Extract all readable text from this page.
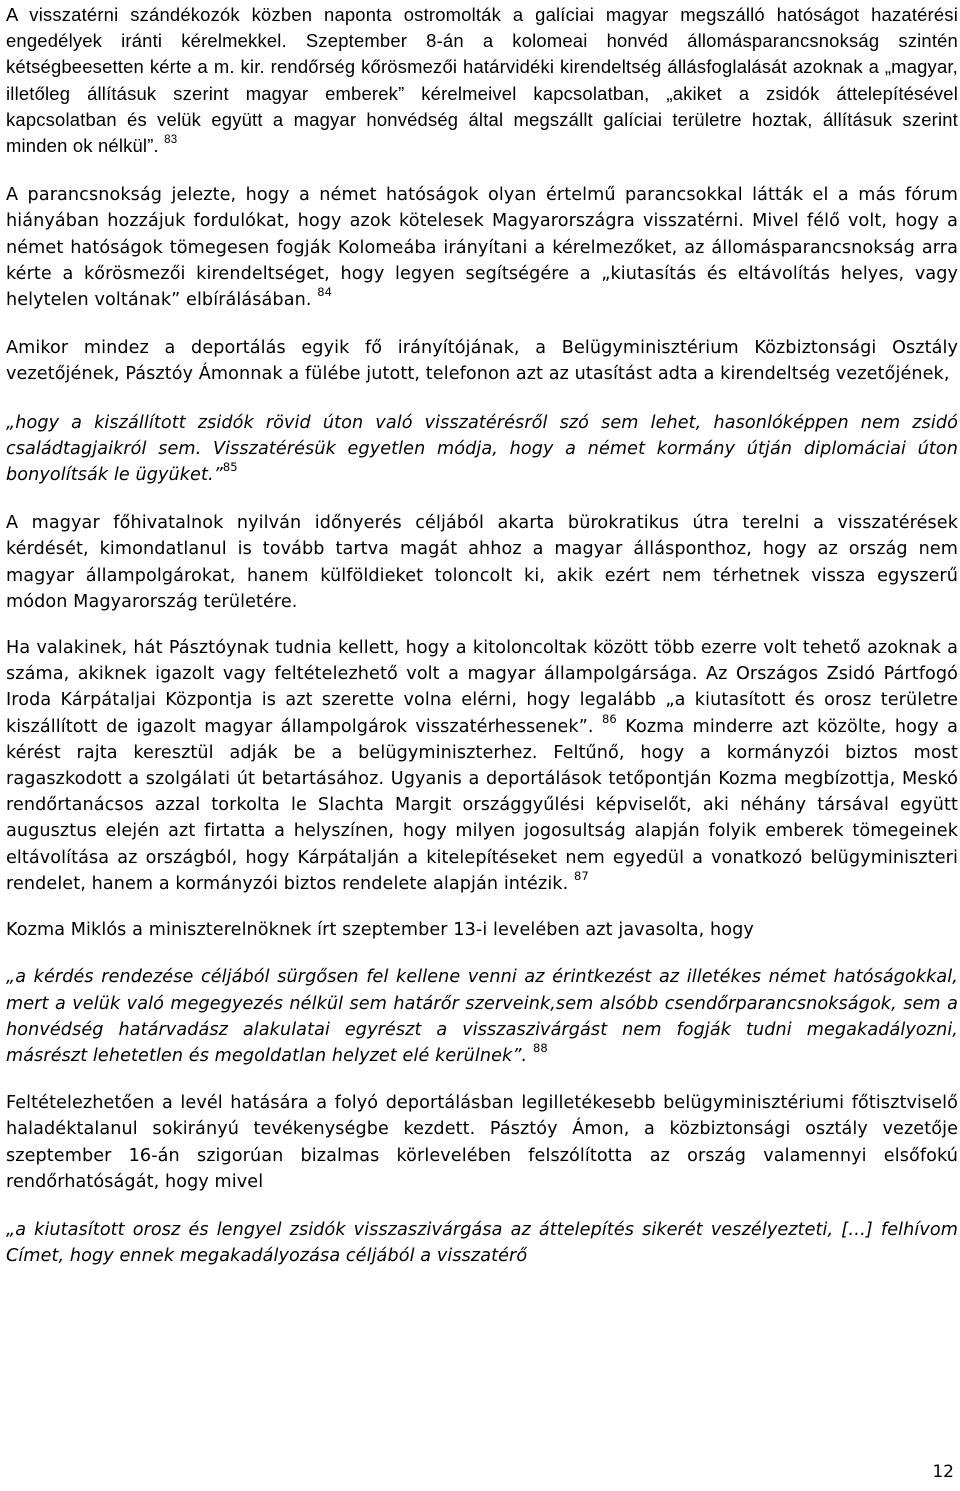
A visszatérni szándékozók közben naponta ostromolták a galíciai magyar megszálló hatóságot hazatérési engedélyek iránti kérelmekkel. Szeptember 8-án a kolomeai honvéd állomásparancsnokság szintén kétségbeesetten kérte a m. kir. rendőrség kőrösmezői határvidéki kirendeltség állásfoglalását azoknak a „magyar, illetőleg állításuk szerint magyar emberek” kérelmeivel kapcsolatban, „akiket a zsidók áttelepítésével kapcsolatban és velük együtt a magyar honvédség által megszállt galíciai területre hoztak, állításuk szerint minden ok nélkül”. $^{83}$

A parancsnokság jelezte, hogy a német hatóságok olyan értelmű parancsokkal látták el a más fórum hiányában hozzájuk fordulókat, hogy azok kötelesek Magyarországra visszatérni. Mivel félő volt, hogy a német hatóságok tömegesen fogják Kolomeába irányítani a kérelmezőket, az állomásparancsnokság arra kérte a kőrösmezői kirendeltséget, hogy legyen segítségére a „kiutasítás és eltávolítás helyes, vagy helytelen voltának” elbírálásában. $^{84}$

Amikor mindez a deportálás egyik fő irányítójának, a Belügyminisztérium Közbiztonsági Osztály vezetőjének, Pásztóy Ámonnak a fülébe jutott, telefonon azt az utasítást adta a kirendeltség vezetőjének,

„hogy a kiszállított zsidók rövid úton való visszatérésről szó sem lehet, hasonlóképpen nem zsidó családtagjaikról sem. Visszatérésük egyetlen módja, hogy a német kormány útján diplomáciai úton bonyolítsák le ügyüket.”$^{85}$

A magyar főhivatalnok nyilván időnyerés céljából akarta bürokratikus útra terelni a visszatérések kérdését, kimondatlanul is tovább tartva magát ahhoz a magyar állásponthoz, hogy az ország nem magyar állampolgárokat, hanem külföldieket toloncolt ki, akik ezért nem térhetnek vissza egyszerű módon Magyarország területére.

Ha valakinek, hát Pásztóynak tudnia kellett, hogy a kitoloncoltak között több ezerre volt tehető azoknak a száma, akiknek igazolt vagy feltételezhető volt a magyar állampolgársága. Az Országos Zsidó Pártfogó Iroda Kárpátaljai Központja is azt szerette volna elérni, hogy legalább „a kiutasított és orosz területre kiszállított de igazolt magyar állampolgárok visszatérhessenek”. $^{86}$ Kozma minderre azt közölte, hogy a kérést rajta keresztül adják be a belügyminiszterhez. Feltűnő, hogy a kormányzói biztos most ragaszkodott a szolgálati út betartásához. Ugyanis a deportálások tetőpontján Kozma megbízottja, Meskó rendőrtanácsos azzal torkolta le Slachta Margit országgyűlési képviselőt, aki néhány társával együtt augusztus elején azt firtatta a helyszínen, hogy milyen jogosultság alapján folyik emberek tömegeinek eltávolítása az országból, hogy Kárpátalján a kitelepítéseket nem egyedül a vonatkozó belügyminiszteri rendelet, hanem a kormányzói biztos rendelete alapján intézik. $^{87}$

Kozma Miklós a miniszterelnöknek írt szeptember 13-i levelében azt javasolta, hogy

„a kérdés rendezése céljából sürgősen fel kellene venni az érintkezést az illetékes német hatóságokkal, mert a velük való megegyezés nélkül sem határőr szerveink,sem alsóbb csendőrparancsnokságok, sem a honvédség határvadász alakulatai egyrészt a visszaszivárgást nem fogják tudni megakadályozni, másrészt lehetetlen és megoldatlan helyzet elé kerülnek”. $^{88}$

Feltételezhetően a levél hatására a folyó deportálásban legilletékesebb belügyminisztériumi főtisztviselő haladéktalanul sokirányú tevékenységbe kezdett. Pásztóy Ámon, a közbiztonsági osztály vezetője szeptember 16-án szigorúan bizalmas körlevelében felszólította az ország valamennyi elsőfokú rendőrhatóságát, hogy mivel

„a kiutasított orosz és lengyel zsidók visszaszivárgása az áttelepítés sikerét veszélyezteti, […] felhívom Címet, hogy ennek megakadályozása céljából a visszatérő

12
